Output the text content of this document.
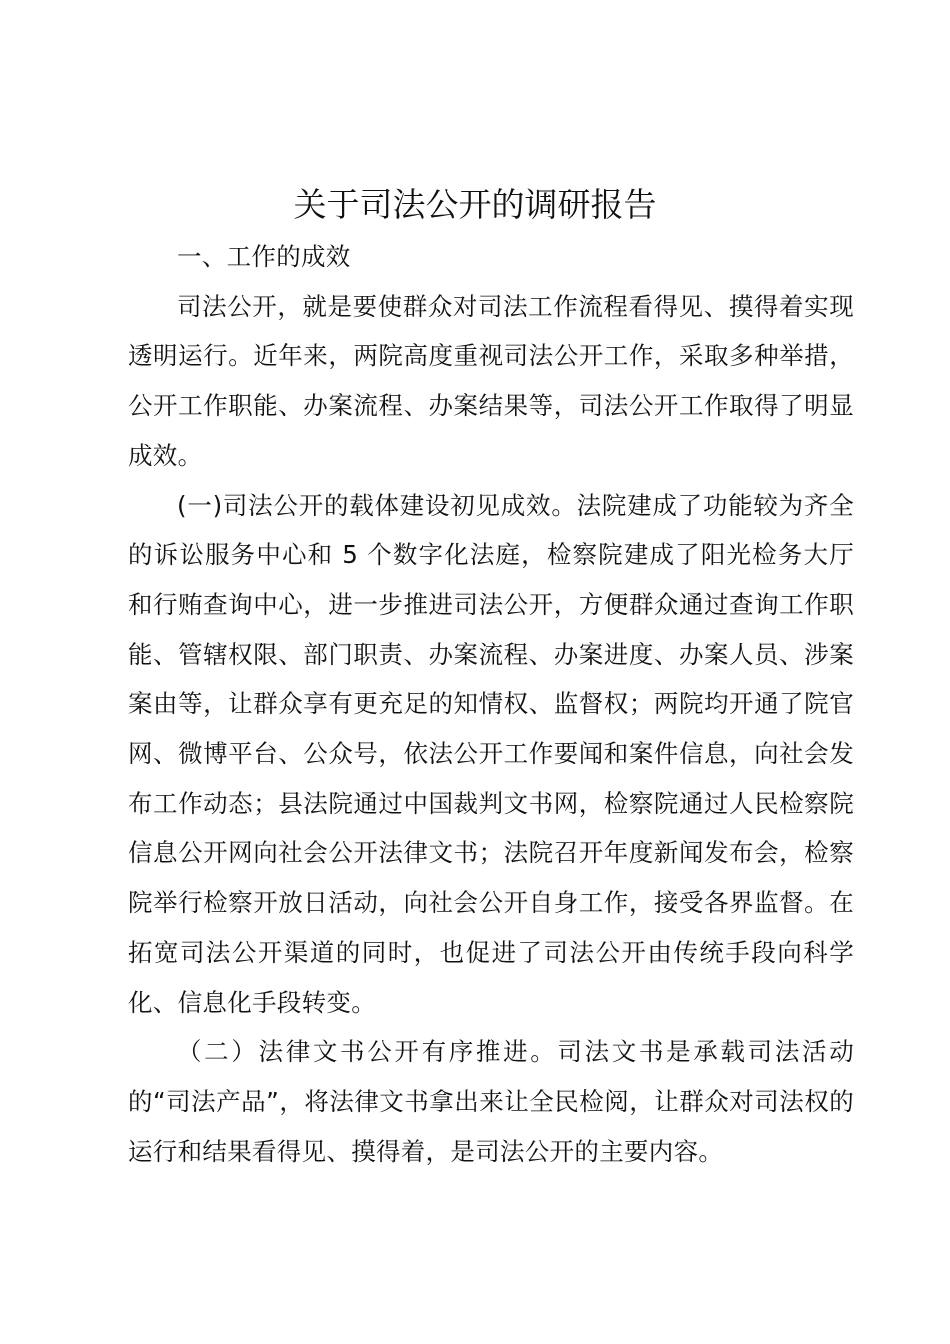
关于司法公开的调研报告

一、工作的成效

司法公开，就是要使群众对司法工作流程看得见、摸得着实现透明运行。近年来，两院高度重视司法公开工作，采取多种举措，公开工作职能、办案流程、办案结果等，司法公开工作取得了明显成效。

(一)司法公开的载体建设初见成效。法院建成了功能较为齐全的诉讼服务中心和 5 个数字化法庭，检察院建成了阳光检务大厅和行贿查询中心，进一步推进司法公开，方便群众通过查询工作职能、管辖权限、部门职责、办案流程、办案进度、办案人员、涉案案由等，让群众享有更充足的知情权、监督权；两院均开通了院官网、微博平台、公众号，依法公开工作要闻和案件信息，向社会发布工作动态；县法院通过中国裁判文书网，检察院通过人民检察院信息公开网向社会公开法律文书；法院召开年度新闻发布会，检察院举行检察开放日活动，向社会公开自身工作，接受各界监督。在拓宽司法公开渠道的同时，也促进了司法公开由传统手段向科学化、信息化手段转变。

（二）法律文书公开有序推进。司法文书是承载司法活动的“司法产品”，将法律文书拿出来让全民检阅，让群众对司法权的运行和结果看得见、摸得着，是司法公开的主要内容。
